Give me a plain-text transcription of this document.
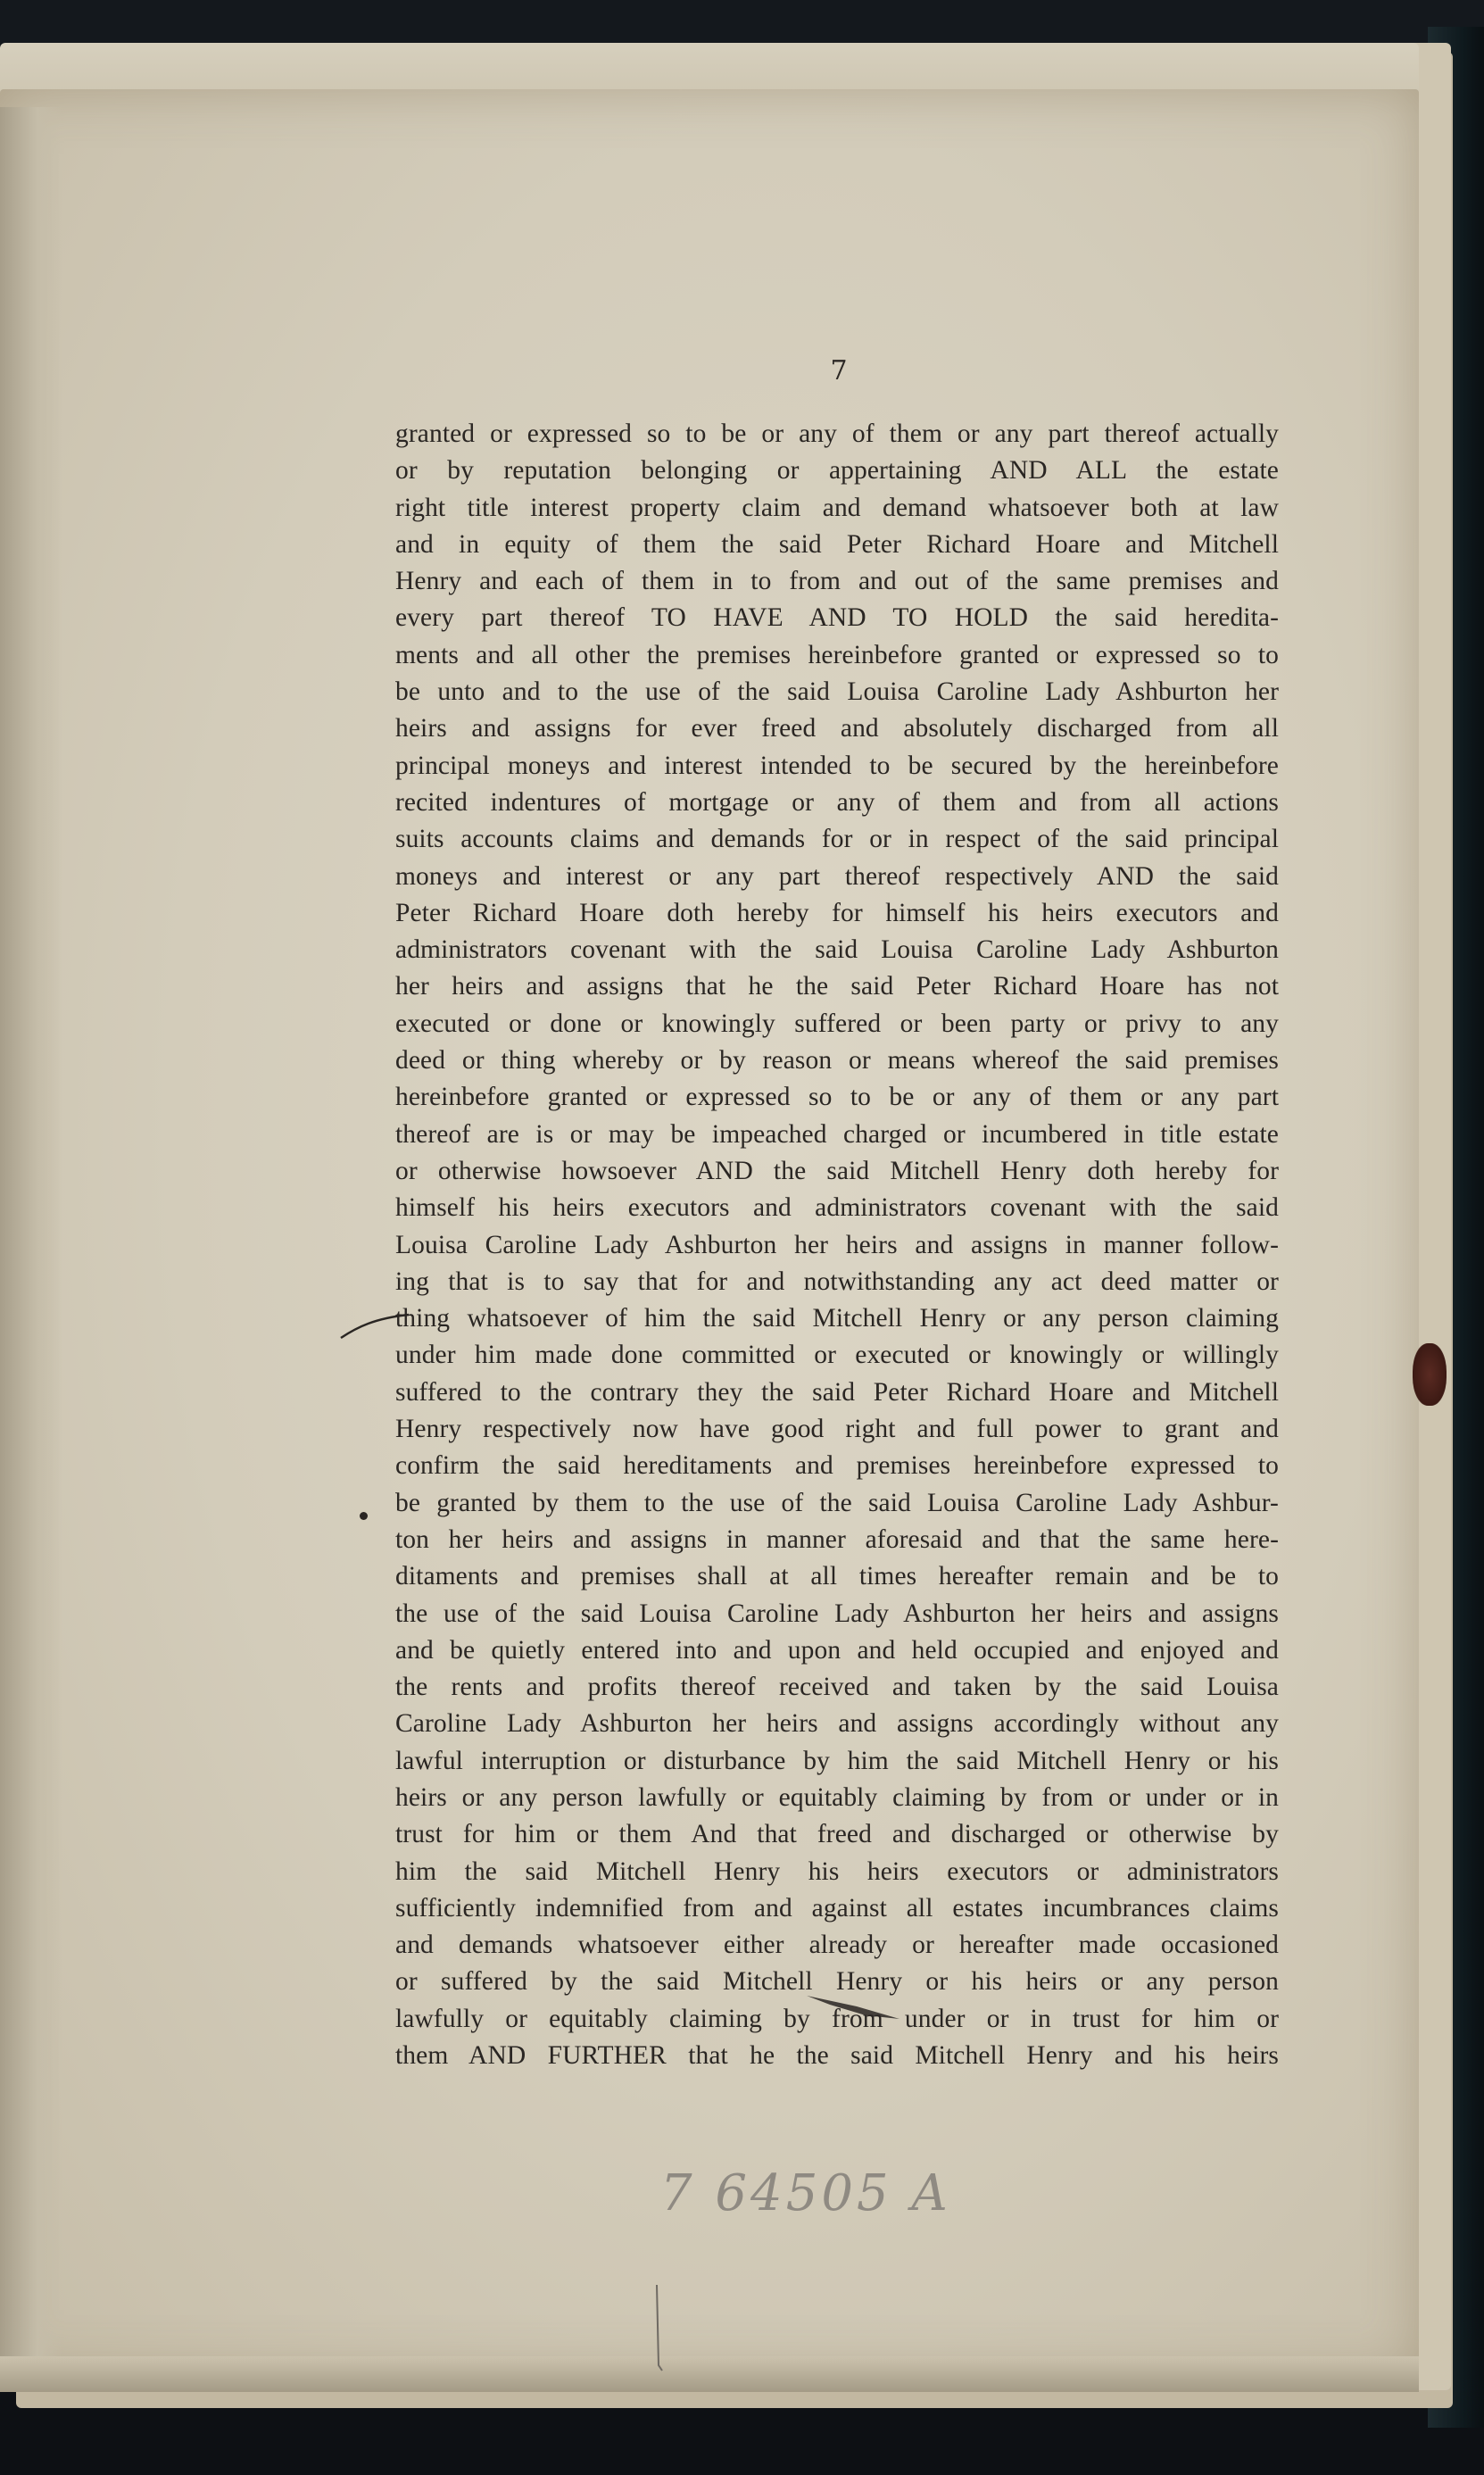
7
granted or expressed so to be or any of them or any part thereof actually
or by reputation belonging or appertaining AND ALL the estate
right title interest property claim and demand whatsoever both at law
and in equity of them the said Peter Richard Hoare and Mitchell
Henry and each of them in to from and out of the same premises and
every part thereof TO HAVE AND TO HOLD the said heredita-
ments and all other the premises hereinbefore granted or expressed so to
be unto and to the use of the said Louisa Caroline Lady Ashburton her
heirs and assigns for ever freed and absolutely discharged from all
principal moneys and interest intended to be secured by the hereinbefore
recited indentures of mortgage or any of them and from all actions
suits accounts claims and demands for or in respect of the said principal
moneys and interest or any part thereof respectively AND the said
Peter Richard Hoare doth hereby for himself his heirs executors and
administrators covenant with the said Louisa Caroline Lady Ashburton
her heirs and assigns that he the said Peter Richard Hoare has not
executed or done or knowingly suffered or been party or privy to any
deed or thing whereby or by reason or means whereof the said premises
hereinbefore granted or expressed so to be or any of them or any part
thereof are is or may be impeached charged or incumbered in title estate
or otherwise howsoever AND the said Mitchell Henry doth hereby for
himself his heirs executors and administrators covenant with the said
Louisa Caroline Lady Ashburton her heirs and assigns in manner follow-
ing that is to say that for and notwithstanding any act deed matter or
thing whatsoever of him the said Mitchell Henry or any person claiming
under him made done committed or executed or knowingly or willingly
suffered to the contrary they the said Peter Richard Hoare and Mitchell
Henry respectively now have good right and full power to grant and
confirm the said hereditaments and premises hereinbefore expressed to
be granted by them to the use of the said Louisa Caroline Lady Ashbur-
ton her heirs and assigns in manner aforesaid and that the same here-
ditaments and premises shall at all times hereafter remain and be to
the use of the said Louisa Caroline Lady Ashburton her heirs and assigns
and be quietly entered into and upon and held occupied and enjoyed and
the rents and profits thereof received and taken by the said Louisa
Caroline Lady Ashburton her heirs and assigns accordingly without any
lawful interruption or disturbance by him the said Mitchell Henry or his
heirs or any person lawfully or equitably claiming by from or under or in
trust for him or them And that freed and discharged or otherwise by
him the said Mitchell Henry his heirs executors or administrators
sufficiently indemnified from and against all estates incumbrances claims
and demands whatsoever either already or hereafter made occasioned
or suffered by the said Mitchell Henry or his heirs or any person
lawfully or equitably claiming by from under or in trust for him or
them AND FURTHER that he the said Mitchell Henry and his heirs
7 64505 A
